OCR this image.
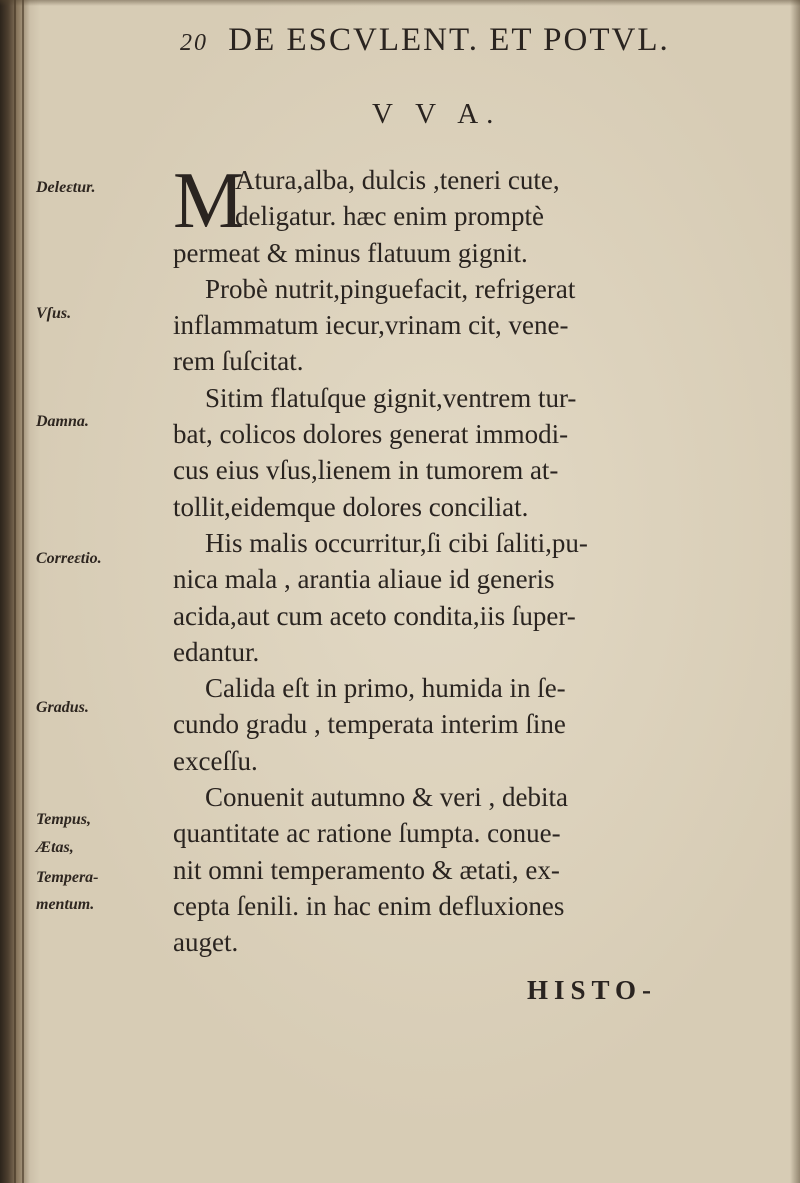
20 DE ESCVLENT. ET POTVL.
V V A.
Deleɛtur.
Vſus.
Damna.
Correɛtio.
Gradus.
Tempus,
Ætas,
Tempera-
mentum.
M
Atura,alba, dulcis ,teneri cute,
deligatur. hæc enim promptè
permeat & minus flatuum gignit.
Probè nutrit,pinguefacit, refrigerat
inflammatum iecur,vrinam cit, vene-
rem ſuſcitat.
Sitim flatuſque gignit,ventrem tur-
bat, colicos dolores generat immodi-
cus eius vſus,lienem in tumorem at-
tollit,eidemque dolores conciliat.
His malis occurritur,ſi cibi ſaliti,pu-
nica mala , arantia aliaue id generis
acida,aut cum aceto condita,iis ſuper-
edantur.
Calida eſt in primo, humida in ſe-
cundo gradu , temperata interim ſine
exceſſu.
Conuenit autumno & veri , debita
quantitate ac ratione ſumpta. conue-
nit omni temperamento & ætati, ex-
cepta ſenili. in hac enim defluxiones
auget.
HISTO-
